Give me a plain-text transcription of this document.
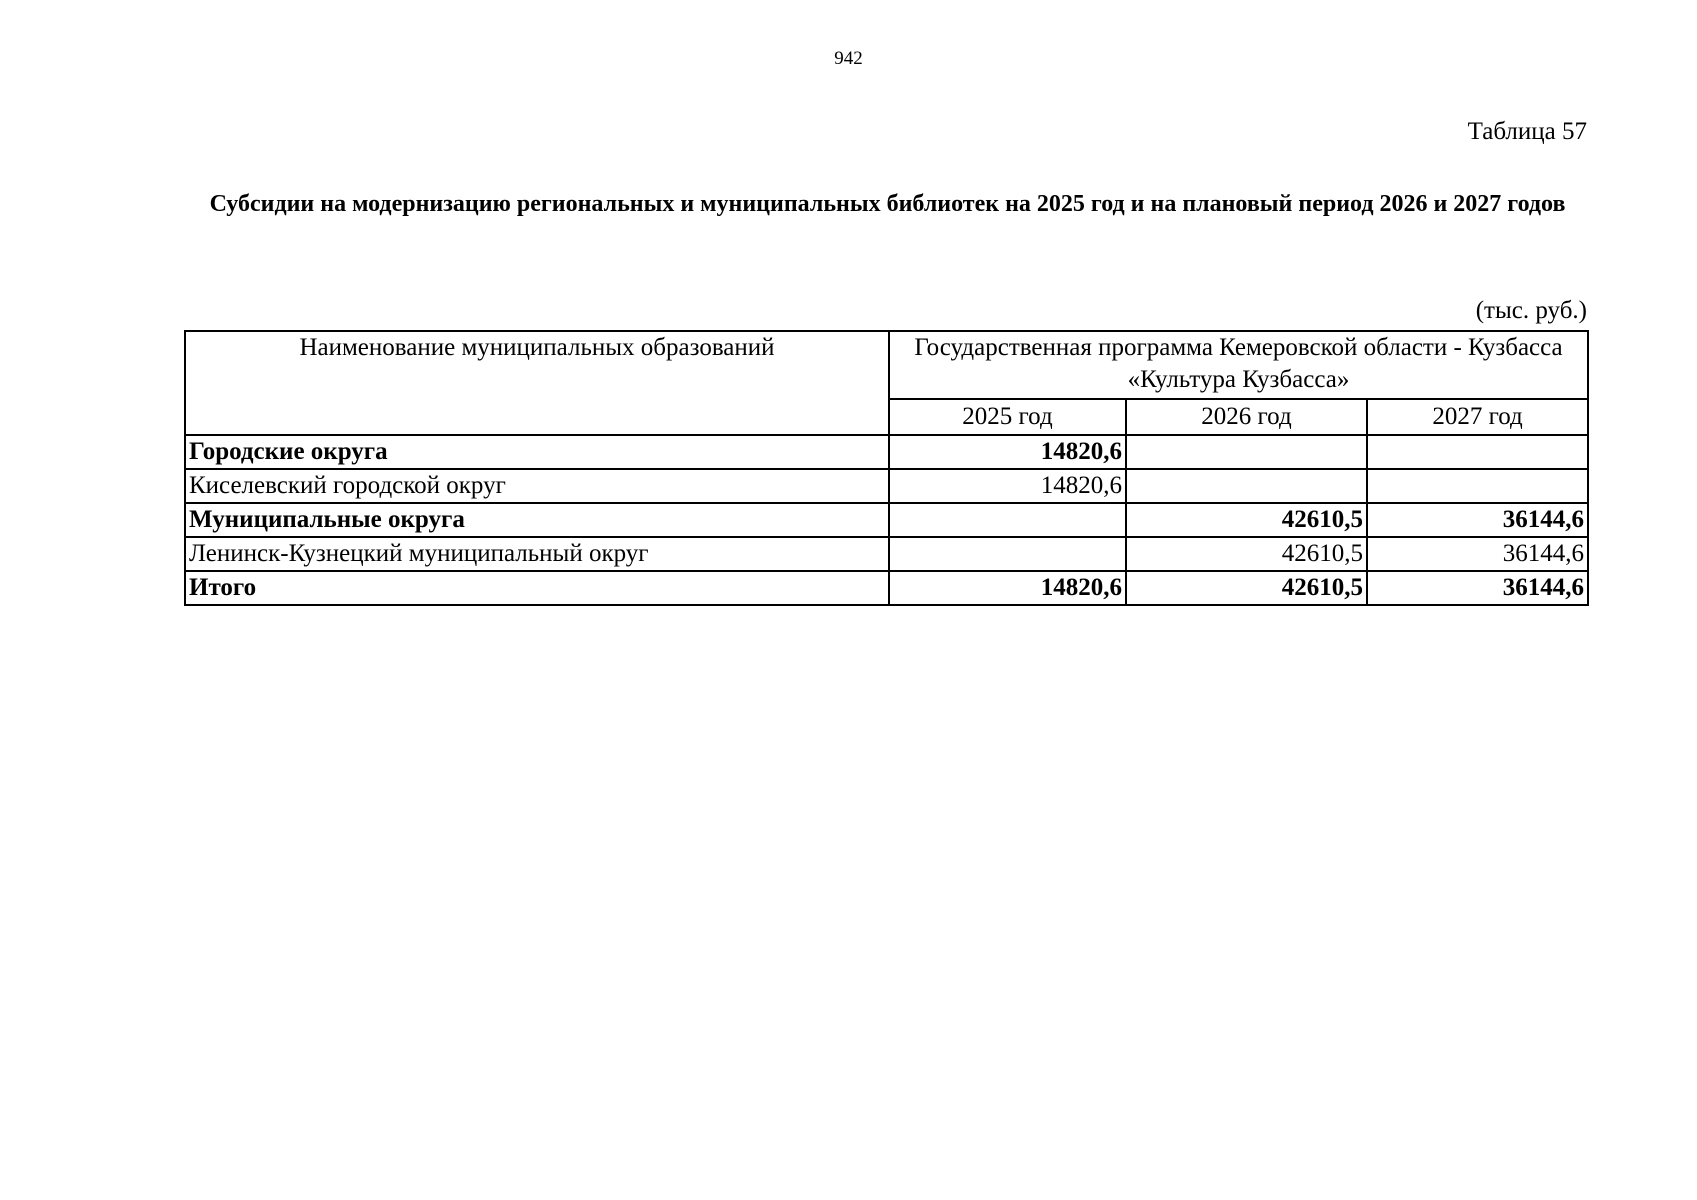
942
Таблица 57
Субсидии на модернизацию региональных и муниципальных библиотек на 2025 год и на плановый период 2026 и 2027 годов
(тыс. руб.)
Наименование муниципальных образований	Государственная программа Кемеровской области - Кузбасса «Культура Кузбасса»		
	2025 год	2026 год	2027 год
Городские округа	14820,6		
Киселевский городской округ	14820,6		
Муниципальные округа		42610,5	36144,6
Ленинск-Кузнецкий муниципальный округ		42610,5	36144,6
Итого	14820,6	42610,5	36144,6
